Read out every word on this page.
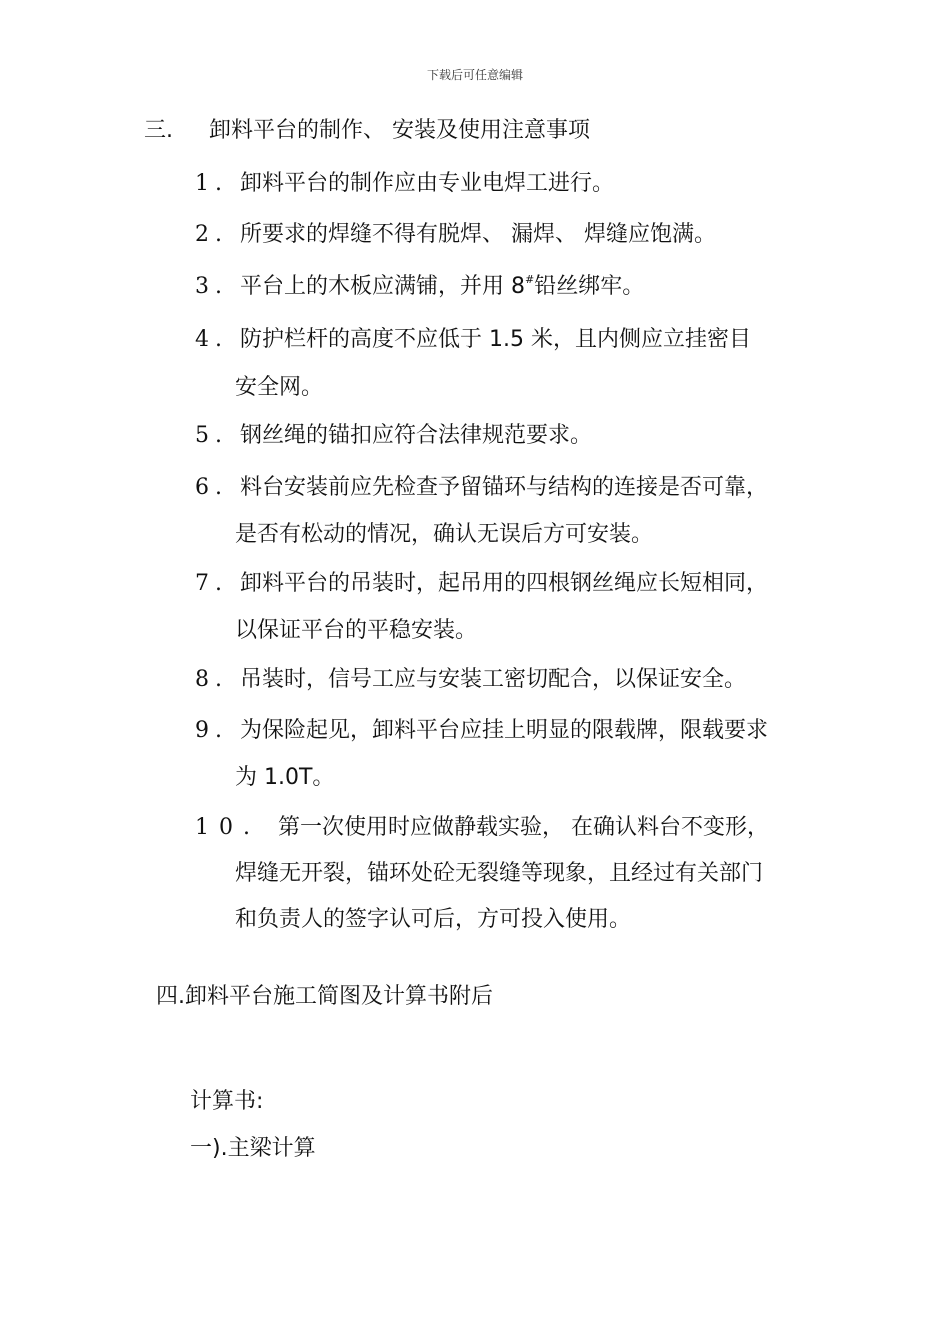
下载后可任意编辑
三. 卸料平台的制作、 安装及使用注意事项
1. 卸料平台的制作应由专业电焊工进行。
2. 所要求的焊缝不得有脱焊、 漏焊、 焊缝应饱满。
3. 平台上的木板应满铺，并用 8#铅丝绑牢。
4. 防护栏杆的高度不应低于 1.5 米，且内侧应立挂密目
安全网。
5. 钢丝绳的锚扣应符合法律规范要求。
6. 料台安装前应先检查予留锚环与结构的连接是否可靠，
是否有松动的情况，确认无误后方可安装。
7. 卸料平台的吊装时，起吊用的四根钢丝绳应长短相同，
以保证平台的平稳安装。
8. 吊装时，信号工应与安装工密切配合，以保证安全。
9. 为保险起见，卸料平台应挂上明显的限载牌，限载要求
为 1.0T。
10. 第一次使用时应做静载实验， 在确认料台不变形，
焊缝无开裂，锚环处砼无裂缝等现象，且经过有关部门
和负责人的签字认可后，方可投入使用。
四.卸料平台施工简图及计算书附后
计算书:
一).主梁计算
